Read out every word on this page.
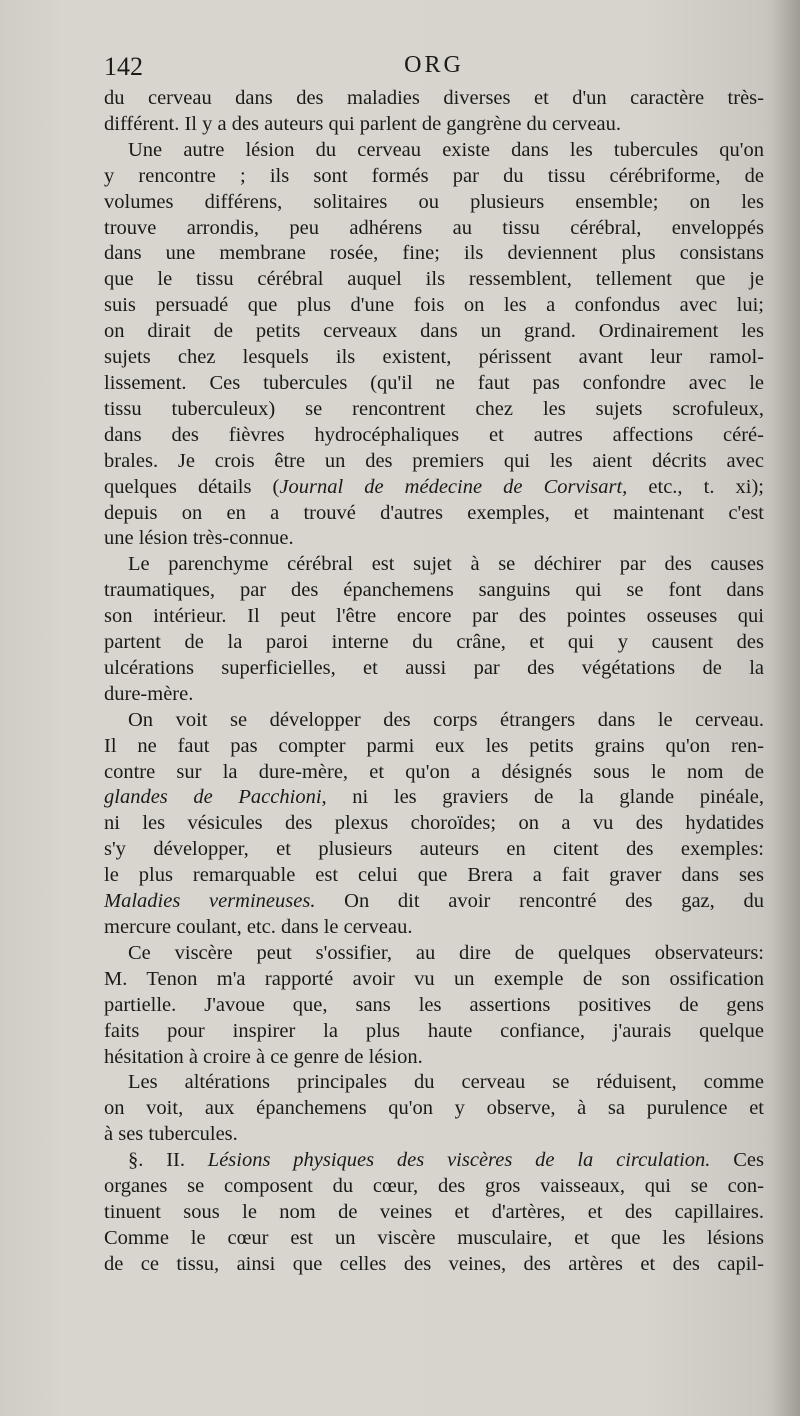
142	ORG
du cerveau dans des maladies diverses et d'un caractère très-
différent. Il y a des auteurs qui parlent de gangrène du cerveau.
Une autre lésion du cerveau existe dans les tubercules qu'on
y rencontre ; ils sont formés par du tissu cérébriforme, de
volumes différens, solitaires ou plusieurs ensemble; on les
trouve arrondis, peu adhérens au tissu cérébral, enveloppés
dans une membrane rosée, fine; ils deviennent plus consistans
que le tissu cérébral auquel ils ressemblent, tellement que je
suis persuadé que plus d'une fois on les a confondus avec lui;
on dirait de petits cerveaux dans un grand. Ordinairement les
sujets chez lesquels ils existent, périssent avant leur ramol-
lissement. Ces tubercules (qu'il ne faut pas confondre avec le
tissu tuberculeux) se rencontrent chez les sujets scrofuleux,
dans des fièvres hydrocéphaliques et autres affections céré-
brales. Je crois être un des premiers qui les aient décrits avec
quelques détails (Journal de médecine de Corvisart, etc., t. xi);
depuis on en a trouvé d'autres exemples, et maintenant c'est
une lésion très-connue.
Le parenchyme cérébral est sujet à se déchirer par des causes
traumatiques, par des épanchemens sanguins qui se font dans
son intérieur. Il peut l'être encore par des pointes osseuses qui
partent de la paroi interne du crâne, et qui y causent des
ulcérations superficielles, et aussi par des végétations de la
dure-mère.
On voit se développer des corps étrangers dans le cerveau.
Il ne faut pas compter parmi eux les petits grains qu'on ren-
contre sur la dure-mère, et qu'on a désignés sous le nom de
glandes de Pacchioni, ni les graviers de la glande pinéale,
ni les vésicules des plexus choroïdes; on a vu des hydatides
s'y développer, et plusieurs auteurs en citent des exemples:
le plus remarquable est celui que Brera a fait graver dans ses
Maladies vermineuses. On dit avoir rencontré des gaz, du
mercure coulant, etc. dans le cerveau.
Ce viscère peut s'ossifier, au dire de quelques observateurs:
M. Tenon m'a rapporté avoir vu un exemple de son ossification
partielle. J'avoue que, sans les assertions positives de gens
faits pour inspirer la plus haute confiance, j'aurais quelque
hésitation à croire à ce genre de lésion.
Les altérations principales du cerveau se réduisent, comme
on voit, aux épanchemens qu'on y observe, à sa purulence et
à ses tubercules.
§. II. Lésions physiques des viscères de la circulation. Ces
organes se composent du cœur, des gros vaisseaux, qui se con-
tinuent sous le nom de veines et d'artères, et des capillaires.
Comme le cœur est un viscère musculaire, et que les lésions
de ce tissu, ainsi que celles des veines, des artères et des capil-
